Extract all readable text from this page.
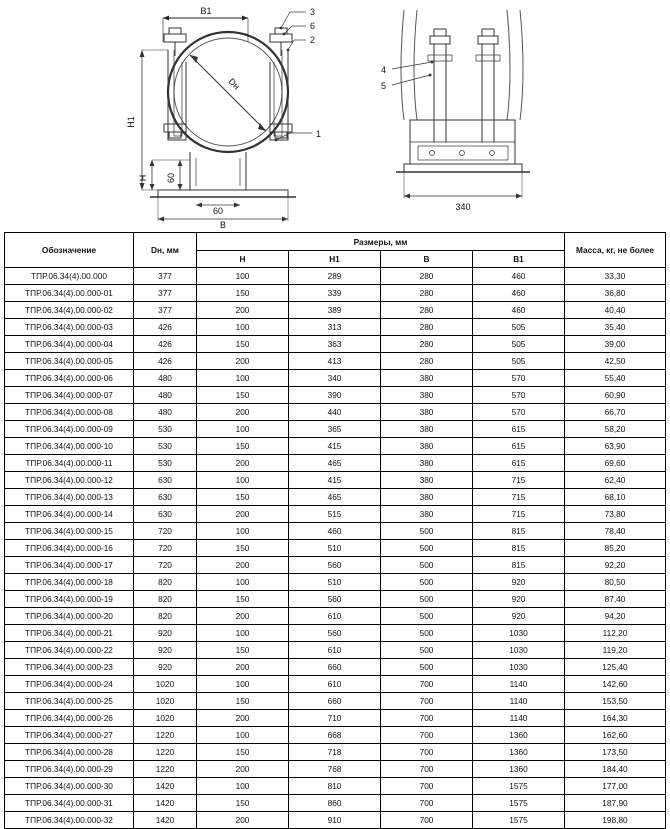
B1
Dн
H1
H 60
60
B
3
6
2
1
4
5
340
Обозначение	Dн, мм	Размеры, мм				Масса, кг, не более
		H	H1	B	B1	
ТПР.06.34(4).00.000	377	100	289	280	460	33,30
ТПР.06.34(4).00.000-01	377	150	339	280	460	36,80
ТПР.06.34(4).00.000-02	377	200	389	280	460	40,40
ТПР.06.34(4).00.000-03	426	100	313	280	505	35,40
ТПР.06.34(4).00.000-04	426	150	363	280	505	39,00
ТПР.06.34(4).00.000-05	426	200	413	280	505	42,50
ТПР.06.34(4).00.000-06	480	100	340	380	570	55,40
ТПР.06.34(4).00.000-07	480	150	390	380	570	60,90
ТПР.06.34(4).00.000-08	480	200	440	380	570	66,70
ТПР.06.34(4).00.000-09	530	100	365	380	615	58,20
ТПР.06.34(4).00.000-10	530	150	415	380	615	63,90
ТПР.06.34(4).00.000-11	530	200	465	380	615	69,60
ТПР.06.34(4).00.000-12	630	100	415	380	715	62,40
ТПР.06.34(4).00.000-13	630	150	465	380	715	68,10
ТПР.06.34(4).00.000-14	630	200	515	380	715	73,80
ТПР.06.34(4).00.000-15	720	100	460	500	815	78,40
ТПР.06.34(4).00.000-16	720	150	510	500	815	85,20
ТПР.06.34(4).00.000-17	720	200	560	500	815	92,20
ТПР.06.34(4).00.000-18	820	100	510	500	920	80,50
ТПР.06.34(4).00.000-19	820	150	560	500	920	87,40
ТПР.06.34(4).00.000-20	820	200	610	500	920	94,20
ТПР.06.34(4).00.000-21	920	100	560	500	1030	112,20
ТПР.06.34(4).00.000-22	920	150	610	500	1030	119,20
ТПР.06.34(4).00.000-23	920	200	660	500	1030	125,40
ТПР.06.34(4).00.000-24	1020	100	610	700	1140	142,60
ТПР.06.34(4).00.000-25	1020	150	660	700	1140	153,50
ТПР.06.34(4).00.000-26	1020	200	710	700	1140	164,30
ТПР.06.34(4).00.000-27	1220	100	668	700	1360	162,60
ТПР.06.34(4).00.000-28	1220	150	718	700	1360	173,50
ТПР.06.34(4).00.000-29	1220	200	768	700	1360	184,40
ТПР.06.34(4).00.000-30	1420	100	810	700	1575	177,00
ТПР.06.34(4).00.000-31	1420	150	860	700	1575	187,90
ТПР.06.34(4).00.000-32	1420	200	910	700	1575	198,80
